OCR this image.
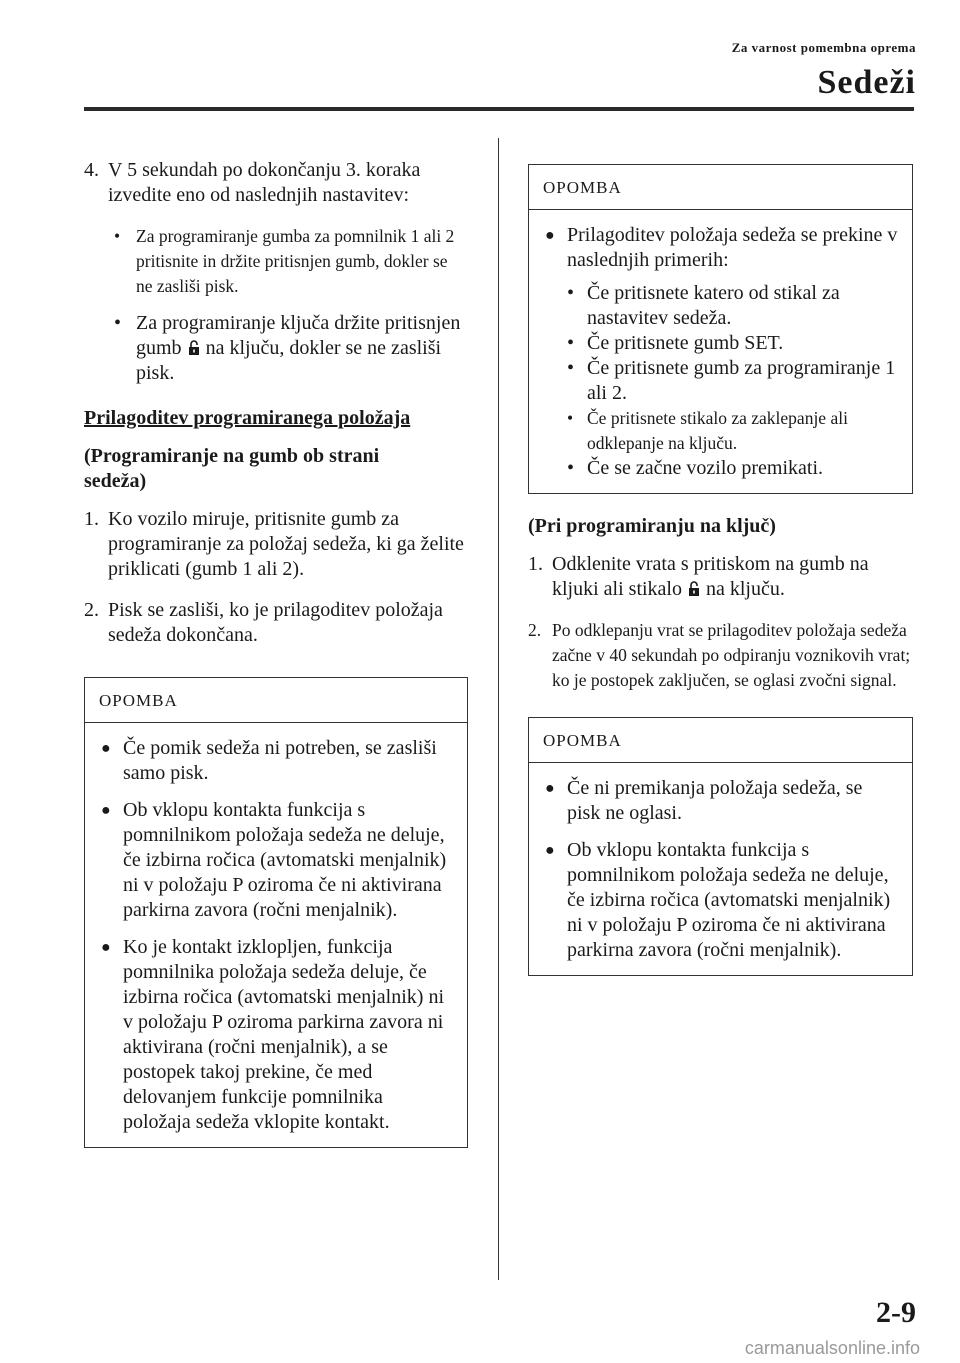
Za varnost pomembna oprema
Sedeži
4. V 5 sekundah po dokončanju 3. koraka izvedite eno od naslednjih nastavitev:
• Za programiranje gumba za pomnilnik 1 ali 2 pritisnite in držite pritisnjen gumb, dokler se ne zasliši pisk.
• Za programiranje ključa držite pritisnjen gumb na ključu, dokler se ne zasliši pisk.
Prilagoditev programiranega položaja
(Programiranje na gumb ob strani sedeža)
1. Ko vozilo miruje, pritisnite gumb za programiranje za položaj sedeža, ki ga želite priklicati (gumb 1 ali 2).
2. Pisk se zasliši, ko je prilagoditev položaja sedeža dokončana.
OPOMBA
● Če pomik sedeža ni potreben, se zasliši samo pisk.
● Ob vklopu kontakta funkcija s pomnilnikom položaja sedeža ne deluje, če izbirna ročica (avtomatski menjalnik) ni v položaju P oziroma če ni aktivirana parkirna zavora (ročni menjalnik).
● Ko je kontakt izklopljen, funkcija pomnilnika položaja sedeža deluje, če izbirna ročica (avtomatski menjalnik) ni v položaju P oziroma parkirna zavora ni aktivirana (ročni menjalnik), a se postopek takoj prekine, če med delovanjem funkcije pomnilnika položaja sedeža vklopite kontakt.
OPOMBA
● Prilagoditev položaja sedeža se prekine v naslednjih primerih:
• Če pritisnete katero od stikal za nastavitev sedeža.
• Če pritisnete gumb SET.
• Če pritisnete gumb za programiranje 1 ali 2.
• Če pritisnete stikalo za zaklepanje ali odklepanje na ključu.
• Če se začne vozilo premikati.
(Pri programiranju na ključ)
1. Odklenite vrata s pritiskom na gumb na kljuki ali stikalo na ključu.
2. Po odklepanju vrat se prilagoditev položaja sedeža začne v 40 sekundah po odpiranju voznikovih vrat; ko je postopek zaključen, se oglasi zvočni signal.
OPOMBA
● Če ni premikanja položaja sedeža, se pisk ne oglasi.
● Ob vklopu kontakta funkcija s pomnilnikom položaja sedeža ne deluje, če izbirna ročica (avtomatski menjalnik) ni v položaju P oziroma če ni aktivirana parkirna zavora (ročni menjalnik).
2-9
carmanualsonline.info
